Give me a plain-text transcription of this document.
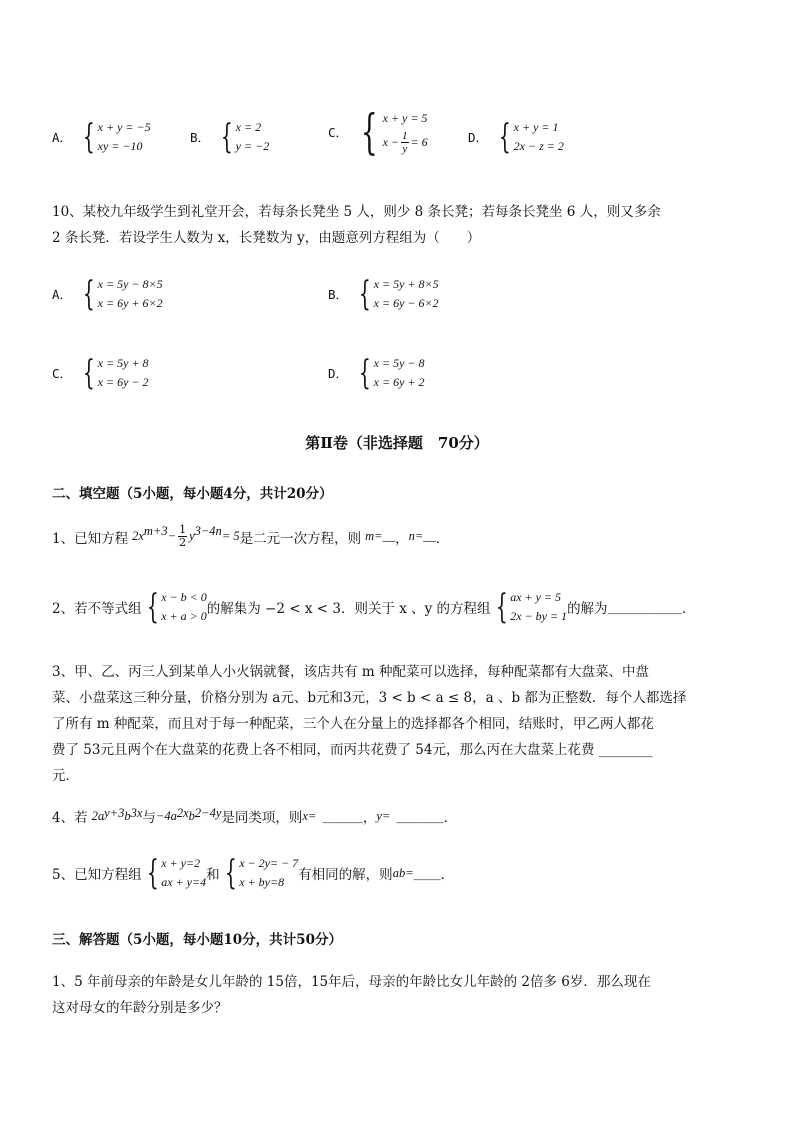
A． { x + y = −5
xy = −10
B． { x = 2
y = −2
C． { x + y = 5
$x - \frac{1}{y} = 6$	D． { x + y = 1
2x − z = 2
10、某校九年级学生到礼堂开会，若每条长凳坐 5 人，则少 8 条长凳；若每条长凳坐 6 人，则又多余
2 条长凳．若设学生人数为 x，长凳数为 y，由题意列方程组为（　　）
A． { x = 5y − 8×5
x = 6y + 6×2
B． { x = 5y + 8×5
x = 6y − 6×2
C． { x = 5y + 8
x = 6y − 2
D． { x = 5y − 8
x = 6y + 2
第Ⅱ卷（非选择题　70分）
二、填空题（5小题，每小题4分，共计20分）
1、已知方程 2x $m+3 - \frac{1}{2}$ y 3−4n = 5 是二元一次方程，则 m=__ ， n=__ ．
2、若不等式组 { x − b < 0
x + a > 0 的解集为 −2 < x < 3．则关于 x 、y 的方程组 { ax + y = 5
2x − by = 1 的解为 ___________ ．
3、甲、乙、丙三人到某单人小火锅就餐，该店共有 m 种配菜可以选择，每种配菜都有大盘菜、中盘
菜、小盘菜这三种分量，价格分别为 a元、b元和3元，3 < b < a ≤ 8，a 、b 都为正整数．每个人都选择
了所有 m 种配菜，而且对于每一种配菜，三个人在分量上的选择都各个相同，结账时，甲乙两人都花
费了 53元且两个在大盘菜的花费上各不相同，而丙共花费了 54元，那么丙在大盘菜上花费 ________
元．
4、若 2a y+3 b 3x 与 −4a 2x b 2−4y 是同类项，则 x= ______ ， y= _______ ．
5、已知方程组 { x + y=2
ax + y=4 和 { x − 2y= − 7
x + by=8	有相同的解，则 ab= ____ ．
三、解答题（5小题，每小题10分，共计50分）
1、5 年前母亲的年龄是女儿年龄的 15倍，15年后，母亲的年龄比女儿年龄的 2倍多 6岁．那么现在
这对母女的年龄分别是多少？
